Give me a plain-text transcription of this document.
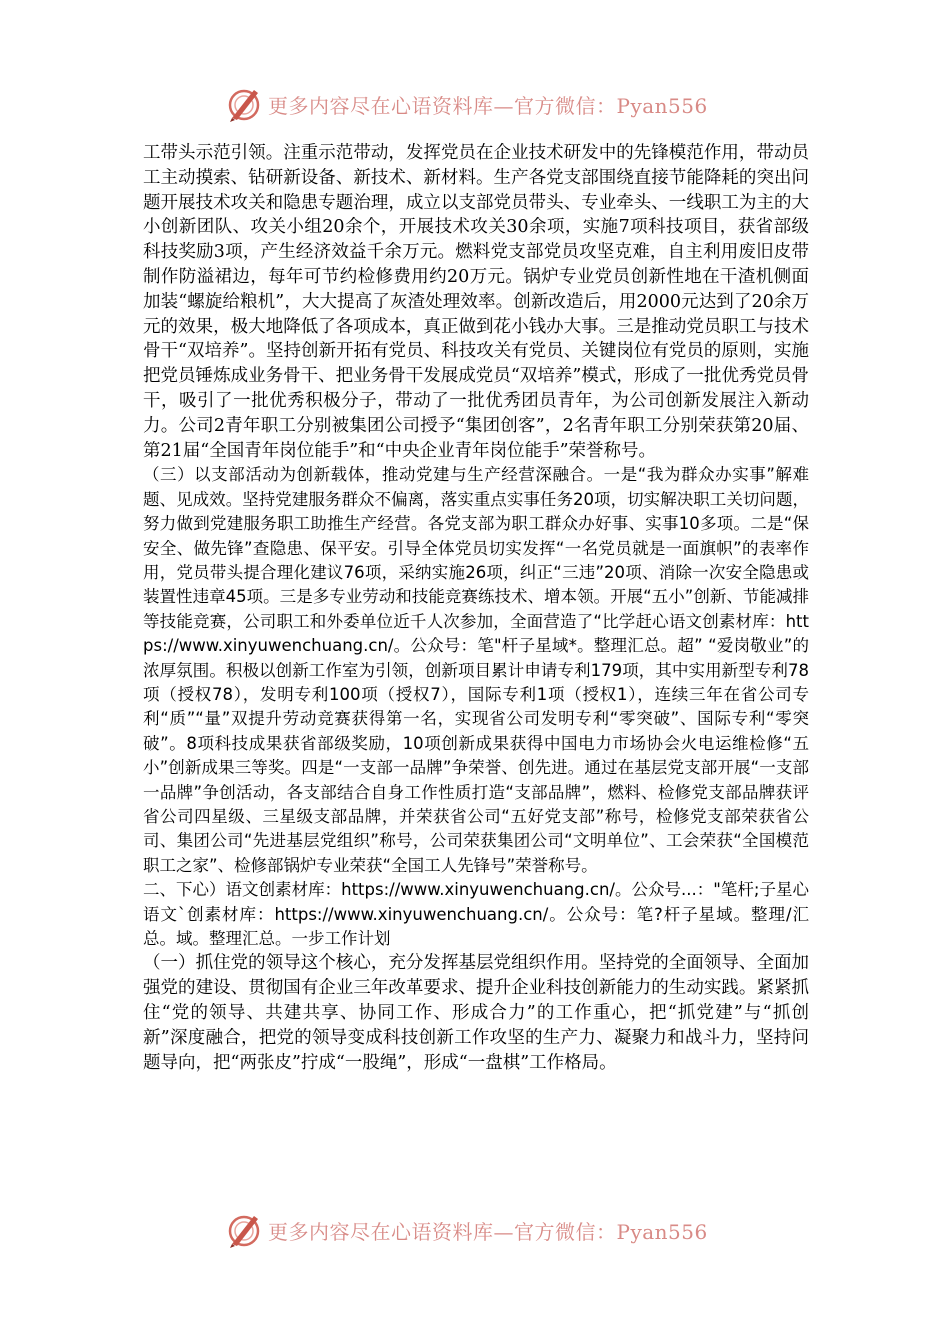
更多内容尽在心语资料库—官方微信：Pyan556

工带头示范引领。注重示范带动，发挥党员在企业技术研发中的先锋模范作用，带动员工主动摸索、钻研新设备、新技术、新材料。生产各党支部围绕直接节能降耗的突出问题开展技术攻关和隐患专题治理，成立以支部党员带头、专业牵头、一线职工为主的大小创新团队、攻关小组20余个，开展技术攻关30余项，实施7项科技项目，获省部级科技奖励3项，产生经济效益千余万元。燃料党支部党员攻坚克难，自主利用废旧皮带制作防溢裙边，每年可节约检修费用约20万元。锅炉专业党员创新性地在干渣机侧面加装“螺旋给粮机”，大大提高了灰渣处理效率。创新改造后，用2000元达到了20余万元的效果，极大地降低了各项成本，真正做到花小钱办大事。三是推动党员职工与技术骨干“双培养”。坚持创新开拓有党员、科技攻关有党员、关键岗位有党员的原则，实施把党员锤炼成业务骨干、把业务骨干发展成党员“双培养”模式，形成了一批优秀党员骨干，吸引了一批优秀积极分子，带动了一批优秀团员青年，为公司创新发展注入新动力。公司2青年职工分别被集团公司授予“集团创客”，2名青年职工分别荣获第20届、第21届“全国青年岗位能手”和“中央企业青年岗位能手”荣誉称号。

（三）以支部活动为创新载体，推动党建与生产经营深融合。一是“我为群众办实事”解难题、见成效。坚持党建服务群众不偏离，落实重点实事任务20项，切实解决职工关切问题，努力做到党建服务职工助推生产经营。各党支部为职工群众办好事、实事10多项。二是“保安全、做先锋”查隐患、保平安。引导全体党员切实发挥“一名党员就是一面旗帜”的表率作用，党员带头提合理化建议76项，采纳实施26项，纠正“三违”20项、消除一次安全隐患或装置性违章45项。三是多专业劳动和技能竞赛练技术、增本领。开展“五小”创新、节能减排等技能竞赛，公司职工和外委单位近千人次参加，全面营造了“比学赶心语文创素材库：https://www.xinyuwenchuang.cn/。公众号：笔"杆子星域*。整理汇总。超” “爱岗敬业”的浓厚氛围。积极以创新工作室为引领，创新项目累计申请专利179项，其中实用新型专利78项（授权78），发明专利100项（授权7），国际专利1项（授权1），连续三年在省公司专利“质”“量”双提升劳动竞赛获得第一名，实现省公司发明专利“零突破”、国际专利“零突破”。8项科技成果获省部级奖励，10项创新成果获得中国电力市场协会火电运维检修“五小”创新成果三等奖。四是“一支部一品牌”争荣誉、创先进。通过在基层党支部开展“一支部一品牌”争创活动，各支部结合自身工作性质打造“支部品牌”，燃料、检修党支部品牌获评省公司四星级、三星级支部品牌，并荣获省公司“五好党支部”称号，检修党支部荣获省公司、集团公司“先进基层党组织”称号，公司荣获集团公司“文明单位”、工会荣获“全国模范职工之家”、检修部锅炉专业荣获“全国工人先锋号”荣誉称号。

二、下心）语文创素材库：https://www.xinyuwenchuang.cn/。公众号...："笔杆;子星心语文`创素材库：https://www.xinyuwenchuang.cn/。公众号：笔?杆子星域。整理/汇总。域。整理汇总。一步工作计划

（一）抓住党的领导这个核心，充分发挥基层党组织作用。坚持党的全面领导、全面加强党的建设、贯彻国有企业三年改革要求、提升企业科技创新能力的生动实践。紧紧抓住“党的领导、共建共享、协同工作、形成合力”的工作重心，把“抓党建”与“抓创新”深度融合，把党的领导变成科技创新工作攻坚的生产力、凝聚力和战斗力，坚持问题导向，把“两张皮”拧成“一股绳”，形成“一盘棋”工作格局。

更多内容尽在心语资料库—官方微信：Pyan556
